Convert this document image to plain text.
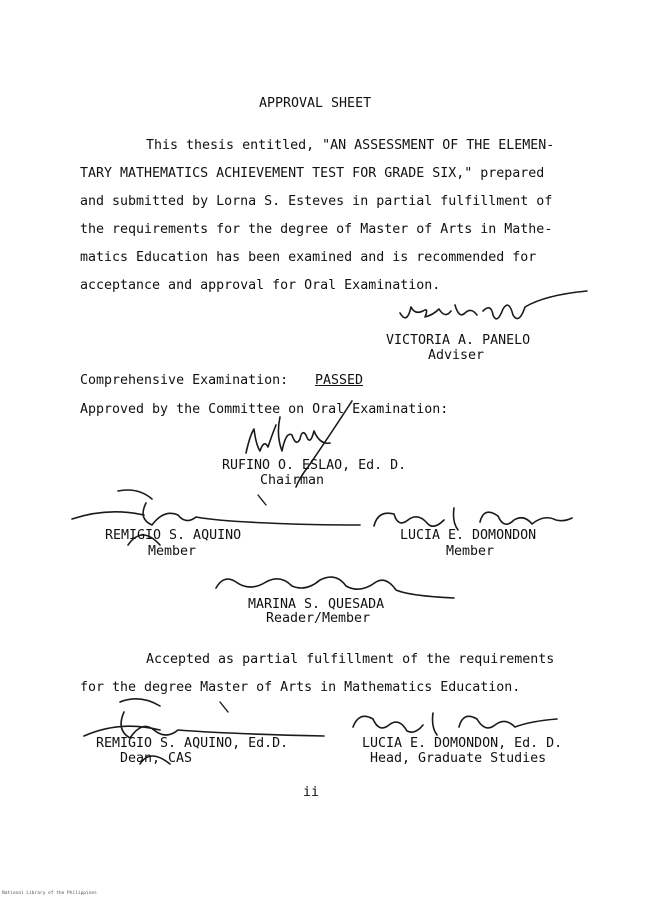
APPROVAL SHEET
This thesis entitled, "AN ASSESSMENT OF THE ELEMEN-
TARY MATHEMATICS ACHIEVEMENT TEST FOR GRADE SIX," prepared
and submitted by Lorna S. Esteves in partial fulfillment of
the requirements for the degree of Master of Arts in Mathe-
matics Education has been examined and is recommended for
acceptance and approval for Oral Examination.
VICTORIA A. PANELO
Adviser
Comprehensive Examination: PASSED
Approved by the Committee on Oral Examination:
RUFINO O. ESLAO, Ed. D.
Chairman
REMIGIO S. AQUINO
Member
LUCIA E. DOMONDON
Member
MARINA S. QUESADA
Reader/Member
Accepted as partial fulfillment of the requirements
for the degree Master of Arts in Mathematics Education.
REMIGIO S. AQUINO, Ed.D.
Dean, CAS
LUCIA E. DOMONDON, Ed. D.
Head, Graduate Studies
ii
National Library of the Philippines
